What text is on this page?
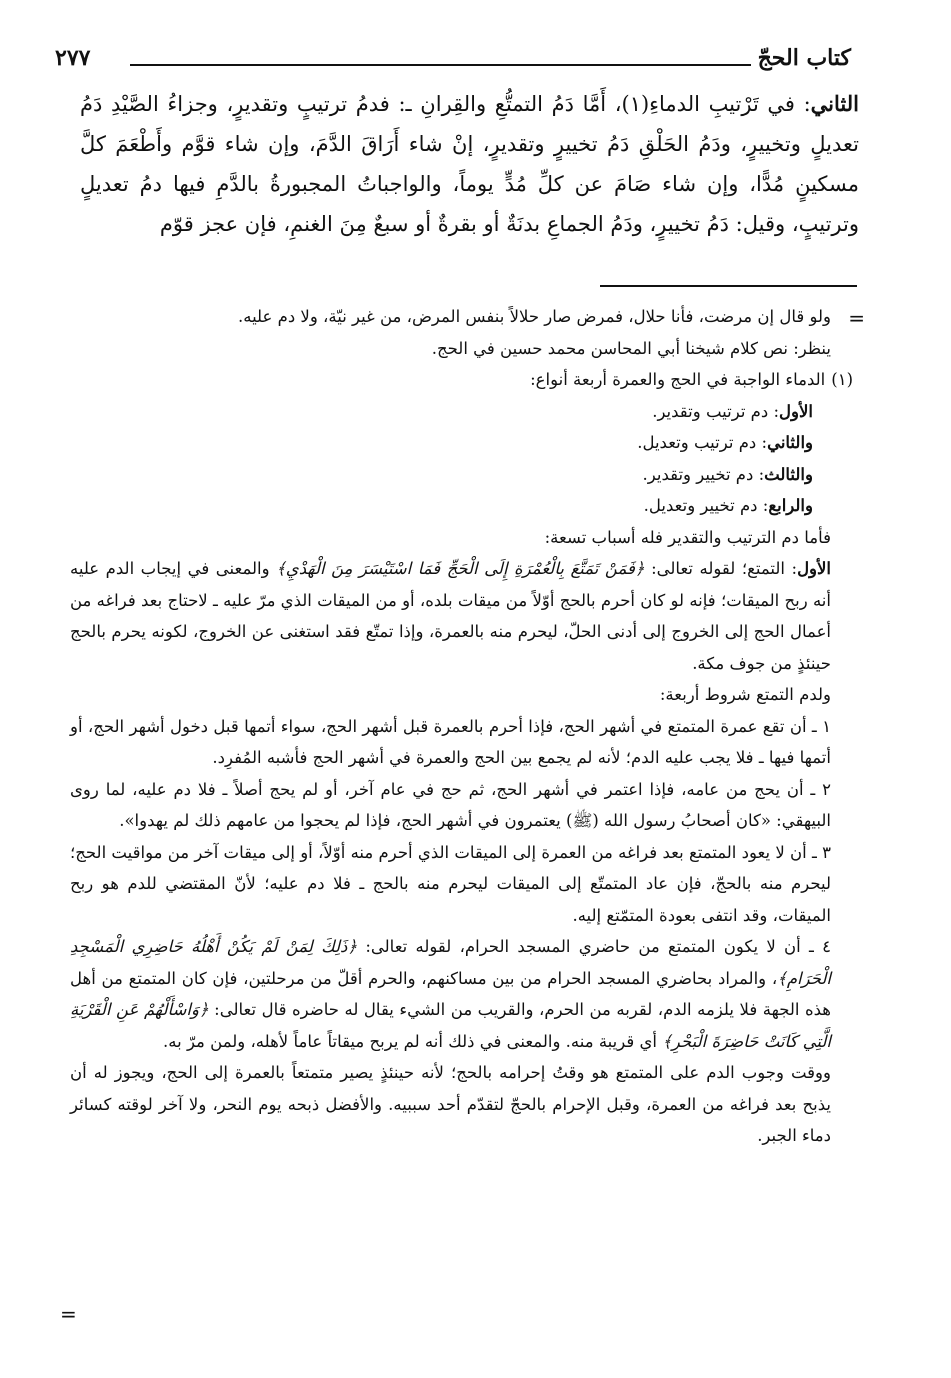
كتاب الحجّ
٢٧٧
الثاني: في تَرْتيبِ الدماءِ(١)، أَمَّا دَمُ التمتُّعِ والقِرانِ ـ: فدمُ ترتيبٍ وتقديرٍ، وجزاءُ الصَّيْدِ دَمُ تعديلٍ وتخييرٍ، ودَمُ الحَلْقِ دَمُ تخييرٍ وتقديرٍ، إنْ شاء أَرَاقَ الدَّمَ، وإن شاء قوَّم وأَطْعَمَ كلَّ مسكينٍ مُدًّا، وإن شاء صَامَ عن كلِّ مُدٍّ يوماً، والواجباتُ المجبورةُ بالدَّمِ فيها دمُ تعديلٍ وترتيبٍ، وقيل: دَمُ تخييرٍ، ودَمُ الجماعِ بدنَةٌ أو بقرةٌ أو سبعٌ مِنَ الغنمِ، فإن عجز قوّم
=

ولو قال إن مرضت، فأنا حلال، فمرض صار حلالاً بنفس المرض، من غير نيّة، ولا دم عليه.

ينظر: نص كلام شيخنا أبي المحاسن محمد حسين في الحج.

(١)الدماء الواجبة في الحج والعمرة أربعة أنواع:

الأول: دم ترتيب وتقدير.

والثاني: دم ترتيب وتعديل.

والثالث: دم تخيير وتقدير.

والرابع: دم تخيير وتعديل.

فأما دم الترتيب والتقدير فله أسباب تسعة:

الأول: التمتع؛ لقوله تعالى: ﴿فَمَنْ تَمَتَّعَ بِالْعُمْرَةِ إِلَى الْحَجِّ فَمَا اسْتَيْسَرَ مِنَ الْهَدْيِ﴾ والمعنى في إيجاب الدم عليه أنه ربح الميقات؛ فإنه لو كان أحرم بالحج أوّلاً من ميقات بلده، أو من الميقات الذي مرّ عليه ـ لاحتاج بعد فراغه من أعمال الحج إلى الخروج إلى أدنى الحلّ، ليحرم منه بالعمرة، وإذا تمتّع فقد استغنى عن الخروج، لكونه يحرم بالحج حينئذٍ من جوف مكة.

ولدم التمتع شروط أربعة:

١ ـ أن تقع عمرة المتمتع في أشهر الحج، فإذا أحرم بالعمرة قبل أشهر الحج، سواء أتمها قبل دخول أشهر الحج، أو أتمها فيها ـ فلا يجب عليه الدم؛ لأنه لم يجمع بين الحج والعمرة في أشهر الحج فأشبه المُفرِد.

٢ ـ أن يحج من عامه، فإذا اعتمر في أشهر الحج، ثم حج في عام آخر، أو لم يحج أصلاً ـ فلا دم عليه، لما روى البيهقي: «كان أصحابُ رسول الله (ﷺ) يعتمرون في أشهر الحج، فإذا لم يحجوا من عامهم ذلك لم يهدوا».

٣ ـ أن لا يعود المتمتع بعد فراغه من العمرة إلى الميقات الذي أحرم منه أوّلاً، أو إلى ميقات آخر من مواقيت الحج؛ ليحرم منه بالحجّ، فإن عاد المتمتّع إلى الميقات ليحرم منه بالحج ـ فلا دم عليه؛ لأنّ المقتضي للدم هو ربح الميقات، وقد انتفى بعودة المتمّتع إليه.

٤ ـ أن لا يكون المتمتع من حاضري المسجد الحرام، لقوله تعالى: ﴿ذَلِكَ لِمَنْ لَمْ يَكُنْ أَهْلُهُ حَاضِرِي الْمَسْجِدِ الْحَرَامِ﴾، والمراد بحاضري المسجد الحرام من بين مساكنهم، والحرم أقلّ من مرحلتين، فإن كان المتمتع من أهل هذه الجهة فلا يلزمه الدم، لقربه من الحرم، والقريب من الشيء يقال له حاضره قال تعالى: ﴿وَاسْأَلْهُمْ عَنِ الْقَرْيَةِ الَّتِي كَانَتْ حَاضِرَةَ الْبَحْرِ﴾ أي قريبة منه. والمعنى في ذلك أنه لم يربح ميقاتاً عاماً لأهله، ولمن مرّ به.

ووقت وجوب الدم على المتمتع هو وقتُ إحرامه بالحج؛ لأنه حينئذٍ يصير متمتعاً بالعمرة إلى الحج، ويجوز له أن يذبح بعد فراغه من العمرة، وقبل الإحرام بالحجّ لتقدّم أحد سببيه. والأفضل ذبحه يوم النحر، ولا آخر لوقته كسائر دماء الجبر.

=
